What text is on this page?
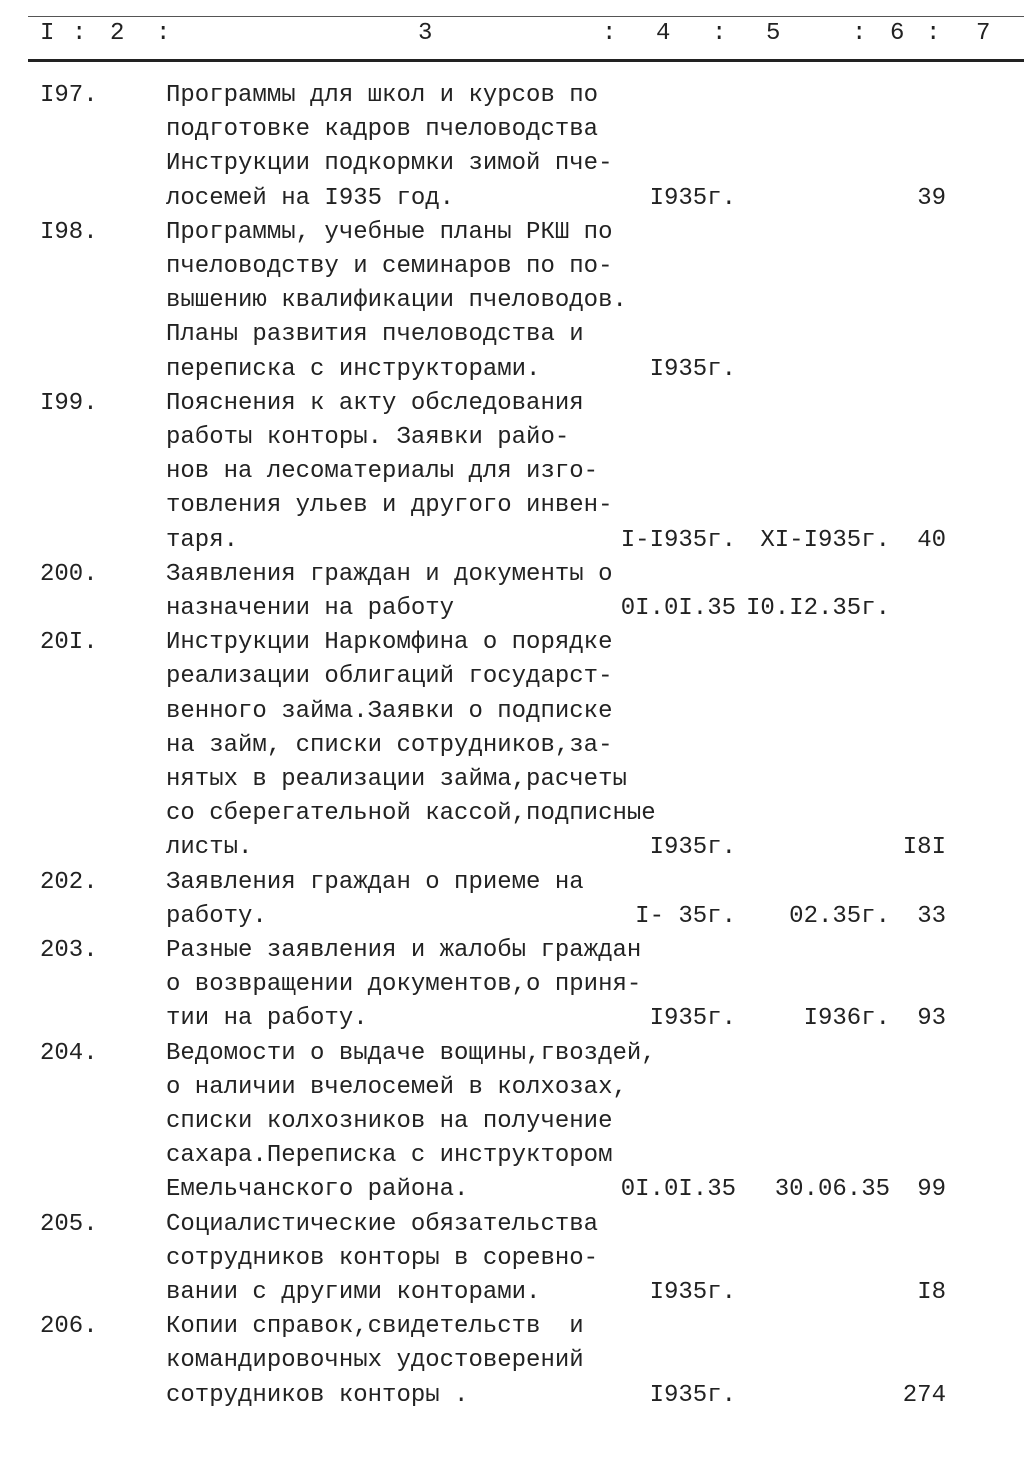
I : 2 :	3	: 4 : 5	: 6 : 7
I97.	Программы для школ и курсов по
подготовке кадров пчеловодства
Инструкции подкормки зимой пче-
лосемей на I935 год.	I935г.	39
I98.	Программы, учебные планы РКШ по
пчеловодству и семинаров по по-
вышению квалификации пчеловодов.
Планы развития пчеловодства и
переписка с инструкторами.	I935г.
I99.	Пояснения к акту обследования
работы конторы. Заявки райо-
нов на лесоматериалы для изго-
товления ульев и другого инвен-
таря.	I-I935г. XI-I935г. 40
200.	Заявления граждан и документы о
назначении на работу	0I.0I.35 I0.I2.35г.
20I.	Инструкции Наркомфина о порядке
реализации облигаций государст-
венного займа.Заявки о подписке
на займ, списки сотрудников,за-
нятых в реализации займа,расчеты
со сберегательной кассой,подписные
листы.	I935г.	I8I
202.	Заявления граждан о приеме на
работу.	I- 35г. 02.35г. 33
203.	Разные заявления и жалобы граждан
о возвращении документов,о приня-
тии на работу.	I935г.	I936г. 93
204.	Ведомости о выдаче вощины,гвоздей,
о наличии вчелосемей в колхозах,
списки колхозников на получение
сахара.Переписка с инструктором
Емельчанского района.	0I.0I.35 30.06.35 99
205.	Социалистические обязательства
сотрудников конторы в соревно-
вании с другими конторами.	I935г.	I8
206.	Копии справок,свидетельств  и
командировочных удостоверений
сотрудников конторы .	I935г.	274
